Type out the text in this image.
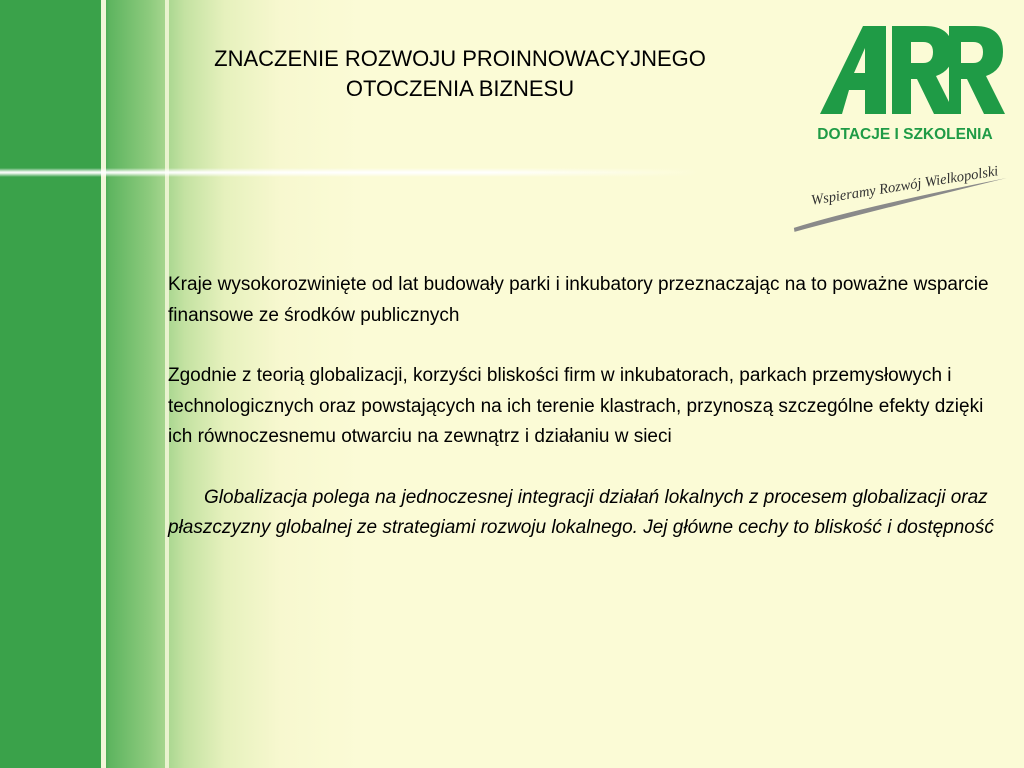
ZNACZENIE ROZWOJU PROINNOWACYJNEGO
OTOCZENIA BIZNESU
DOTACJE I SZKOLENIA
Wspieramy Rozwój Wielkopolski

Kraje wysokorozwinięte od lat budowały parki i inkubatory przeznaczając na to poważne wsparcie finansowe ze środków publicznych

Zgodnie z teorią globalizacji, korzyści bliskości firm w inkubatorach, parkach przemysłowych i technologicznych oraz powstających na ich terenie klastrach, przynoszą szczególne efekty dzięki ich równoczesnemu otwarciu na zewnątrz i działaniu w sieci

Globalizacja polega na jednoczesnej integracji działań lokalnych z procesem globalizacji oraz płaszczyzny globalnej ze strategiami rozwoju lokalnego. Jej główne cechy to bliskość i dostępność
